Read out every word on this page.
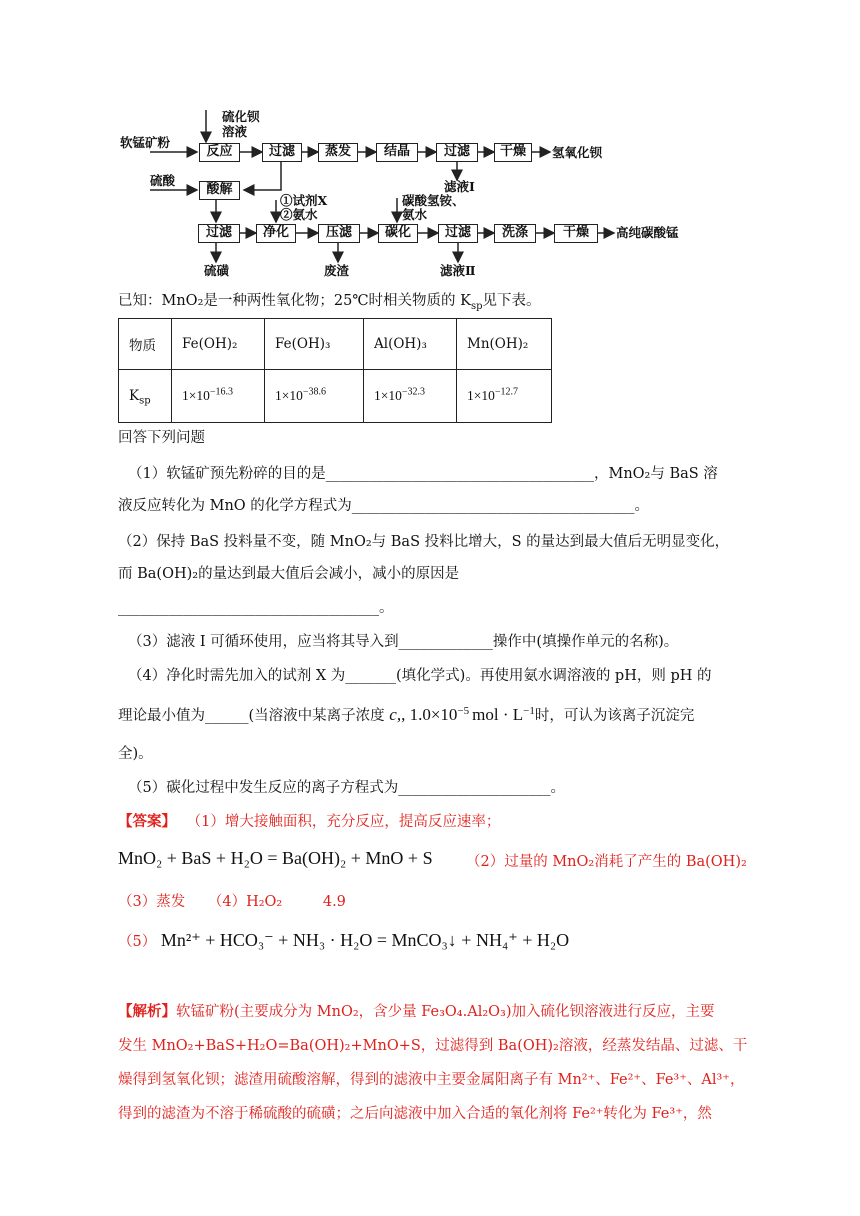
反应	过滤	蒸发	结晶	过滤	干燥
酸解
过滤	净化	压滤	碳化	过滤	洗涤	干燥
硫化钡
溶液
软锰矿粉
氢氧化钡
硫酸	滤液Ⅰ
①试剂X
②氨水
碳酸氢铵、
氨水
硫磺	废渣	滤液Ⅱ
高纯碳酸锰
已知：MnO₂是一种两性氧化物；25℃时相关物质的 $K_{sp}$见下表。
物质	Fe(OH)₂	Fe(OH)₃	Al(OH)₃	Mn(OH)₂
$K_{sp}$	$1\times 10^{-16.3}$	$1\times 10^{-38.6}$	$1\times 10^{-32.3}$	$1\times 10^{-12.7}$
回答下列问题
（1）软锰矿预先粉碎的目的是_____________________________________，MnO₂与 BaS 溶
液反应转化为 MnO 的化学方程式为_______________________________________。
（2）保持 BaS 投料量不变，随 MnO₂与 BaS 投料比增大，S 的量达到最大值后无明显变化，
而 Ba(OH)₂的量达到最大值后会减小，减小的原因是
____________________________________。
（3）滤液 I 可循环使用，应当将其导入到_____________操作中(填操作单元的名称)。
（4）净化时需先加入的试剂 X 为_______(填化学式)。再使用氨水调溶液的 pH，则 pH 的
理论最小值为______(当溶液中某离子浓度 c,, $1.0\times 10^{-5}$ mol · $L^{-1}$时，可认为该离子沉淀完
全)。
（5）碳化过程中发生反应的离子方程式为_____________________。
【答案】 （1）增大接触面积，充分反应，提高反应速率；
MnO₂ + BaS + H₂O = Ba(OH)₂ + MnO + S （2）过量的 MnO₂消耗了产生的 Ba(OH)₂
（3）蒸发 （4）H₂O₂	4.9
（5） Mn²⁺ + HCO₃⁻ + NH₃ · H₂O = MnCO₃↓ + NH₄⁺ + H₂O
【解析】软锰矿粉(主要成分为 MnO₂，含少量 Fe₃O₄.Al₂O₃)加入硫化钡溶液进行反应，主要
发生 MnO₂+BaS+H₂O=Ba(OH)₂+MnO+S，过滤得到 Ba(OH)₂溶液，经蒸发结晶、过滤、干
燥得到氢氧化钡；滤渣用硫酸溶解，得到的滤液中主要金属阳离子有 Mn²⁺、Fe²⁺、Fe³⁺、Al³⁺，
得到的滤渣为不溶于稀硫酸的硫磺；之后向滤液中加入合适的氧化剂将 Fe²⁺转化为 Fe³⁺，然
